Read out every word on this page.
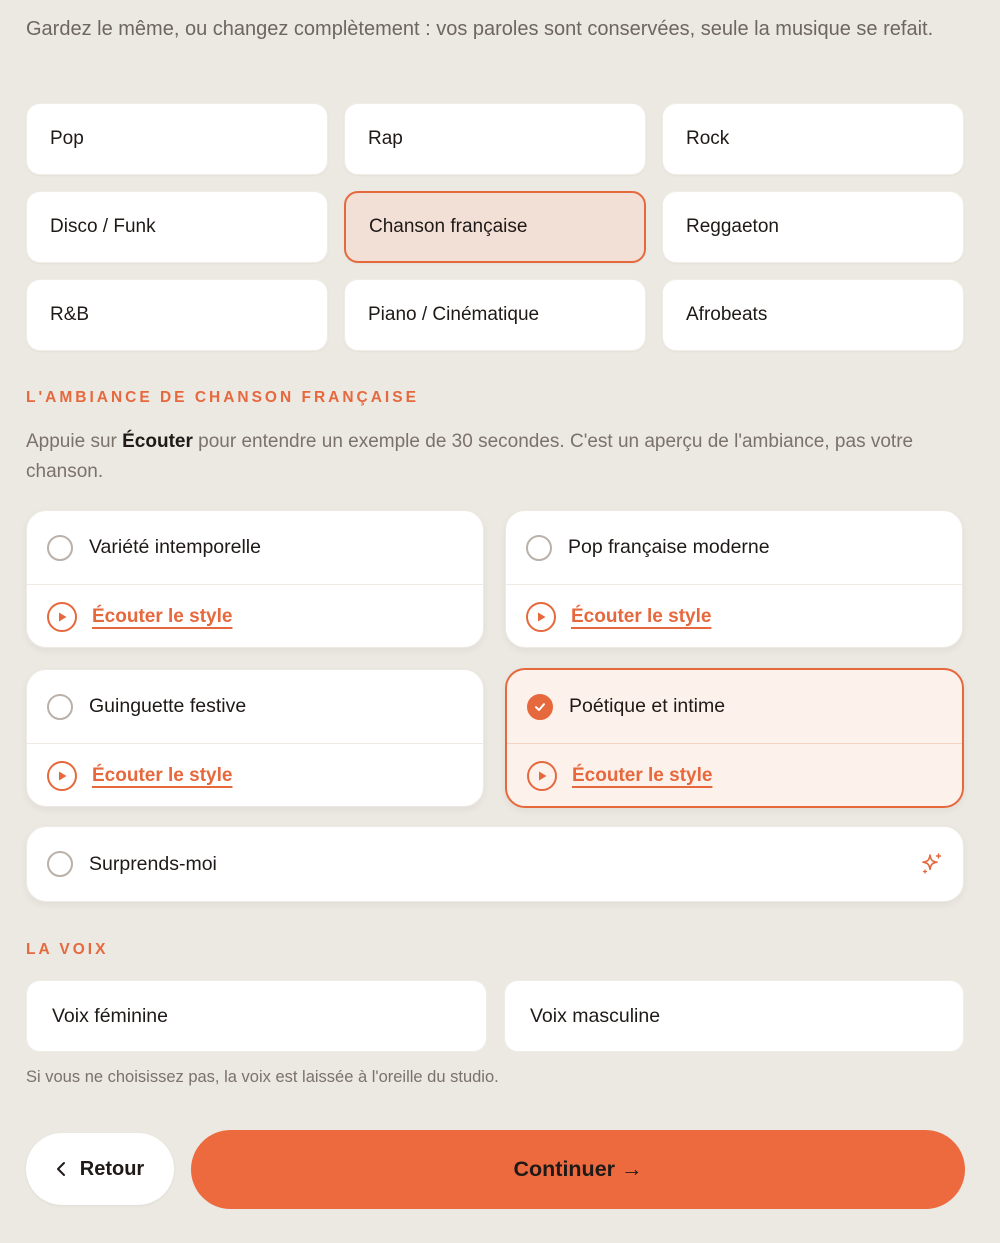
Gardez le même, ou changez complètement : vos paroles sont conservées, seule la musique se refait.

Pop	Rap	Rock
Disco / Funk	Chanson française	Reggaeton
R&B	Piano / Cinématique	Afrobeats
L'AMBIANCE DE CHANSON FRANÇAISE

Appuie sur Écouter pour entendre un exemple de 30 secondes. C'est un aperçu de l'ambiance, pas votre chanson.

Variété intemporelle
Écouter le style
Pop française moderne
Écouter le style
Guinguette festive
Écouter le style
Poétique et intime
Écouter le style
Surprends-moi
LA VOIX
Voix féminine	Voix masculine

Si vous ne choisissez pas, la voix est laissée à l'oreille du studio.

Retour	Continuer →
